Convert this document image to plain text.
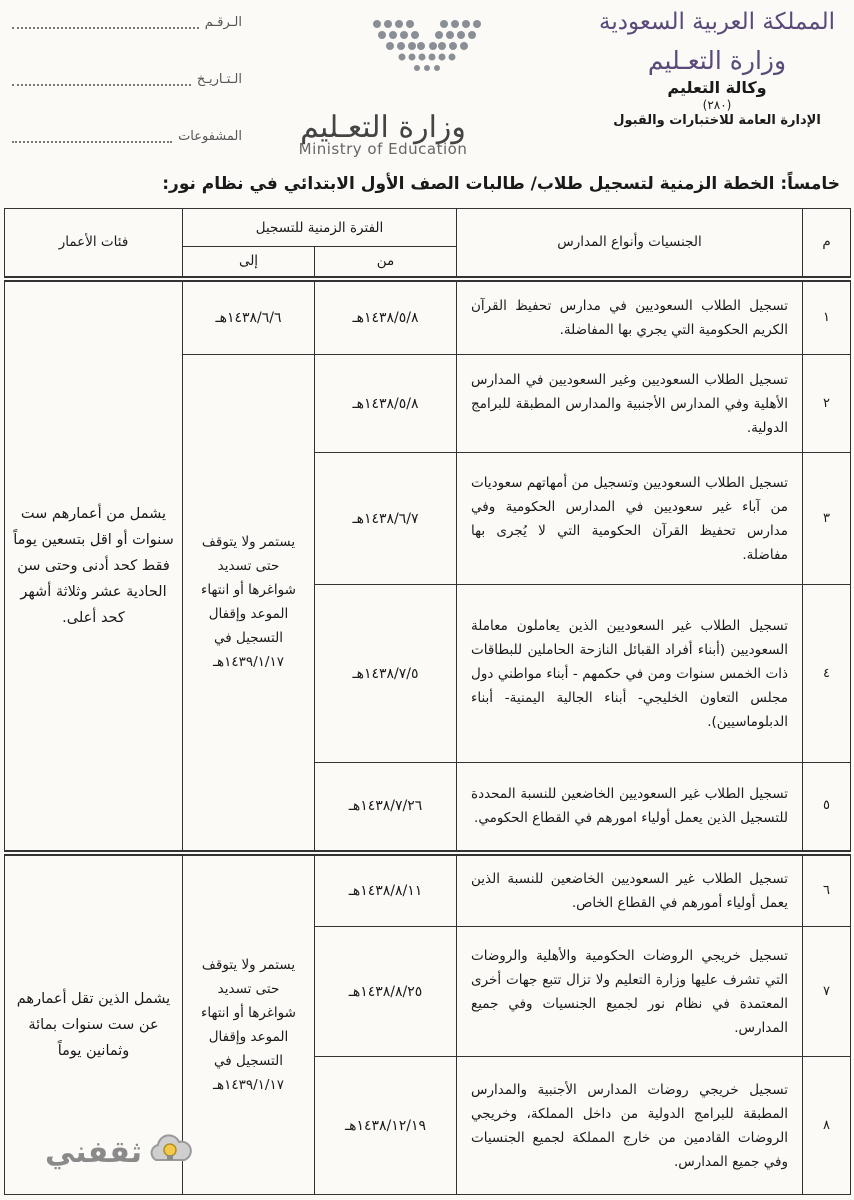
المملكة العربية السعودية
وزارة التعـليم
وكالة التعليم
(٢٨٠)
الإدارة العامة للاختبارات والقبول
وزارة التعـليم
Ministry of Education
الـرقـم
الـتـاريـخ
المشفوعات
خامساً: الخطة الزمنية لتسجيل طلاب/ طالبات الصف الأول الابتدائي في نظام نور:
م	الجنسيات وأنواع المدارس	الفترة الزمنية للتسجيل		فئات الأعمار
		من	إلى	
١	تسجيل الطلاب السعوديين في مدارس تحفيظ القرآن الكريم الحكومية التي يجري بها المفاضلة.	١٤٣٨/٥/٨هـ	١٤٣٨/٦/٦هـ	يشمل من أعمارهم ست سنوات أو اقل بتسعين يوماً فقط كحد أدنى وحتى سن الحادية عشر وثلاثة أشهر كحد أعلى.
٢	تسجيل الطلاب السعوديين وغير السعوديين في المدارس الأهلية وفي المدارس الأجنبية والمدارس المطبقة للبرامج الدولية.	١٤٣٨/٥/٨هـ	يستمر ولا يتوقف حتى تسديد شواغرها أو انتهاء الموعد وإقفال التسجيل في ١٤٣٩/١/١٧هـ	
٣	تسجيل الطلاب السعوديين وتسجيل من أمهاتهم سعوديات من آباء غير سعوديين في المدارس الحكومية وفي مدارس تحفيظ القرآن الحكومية التي لا يُجرى بها مفاضلة.	١٤٣٨/٦/٧هـ		
٤	تسجيل الطلاب غير السعوديين الذين يعاملون معاملة السعوديين (أبناء أفراد القبائل النازحة الحاملين للبطاقات ذات الخمس سنوات ومن في حكمهم - أبناء مواطني دول مجلس التعاون الخليجي- أبناء الجالية اليمنية- أبناء الدبلوماسيين).	١٤٣٨/٧/٥هـ		
٥	تسجيل الطلاب غير السعوديين الخاضعين للنسبة المحددة للتسجيل الذين يعمل أولياء امورهم في القطاع الحكومي.	١٤٣٨/٧/٢٦هـ		
٦	تسجيل الطلاب غير السعوديين الخاضعين للنسبة الذين يعمل أولياء أمورهم في القطاع الخاص.	١٤٣٨/٨/١١هـ	يستمر ولا يتوقف حتى تسديد شواغرها أو انتهاء الموعد وإقفال التسجيل في ١٤٣٩/١/١٧هـ	يشمل الذين تقل أعمارهم عن ست سنوات بمائة وثمانين يوماً
٧	تسجيل خريجي الروضات الحكومية والأهلية والروضات التي تشرف عليها وزارة التعليم ولا تزال تتبع جهات أخرى المعتمدة في نظام نور لجميع الجنسيات وفي جميع المدارس.	١٤٣٨/٨/٢٥هـ		
٨	تسجيل خريجي روضات المدارس الأجنبية والمدارس المطبقة للبرامج الدولية من داخل المملكة، وخريجي الروضات القادمين من خارج المملكة لجميع الجنسيات وفي جميع المدارس.	١٤٣٨/١٢/١٩هـ		
ثقفني
